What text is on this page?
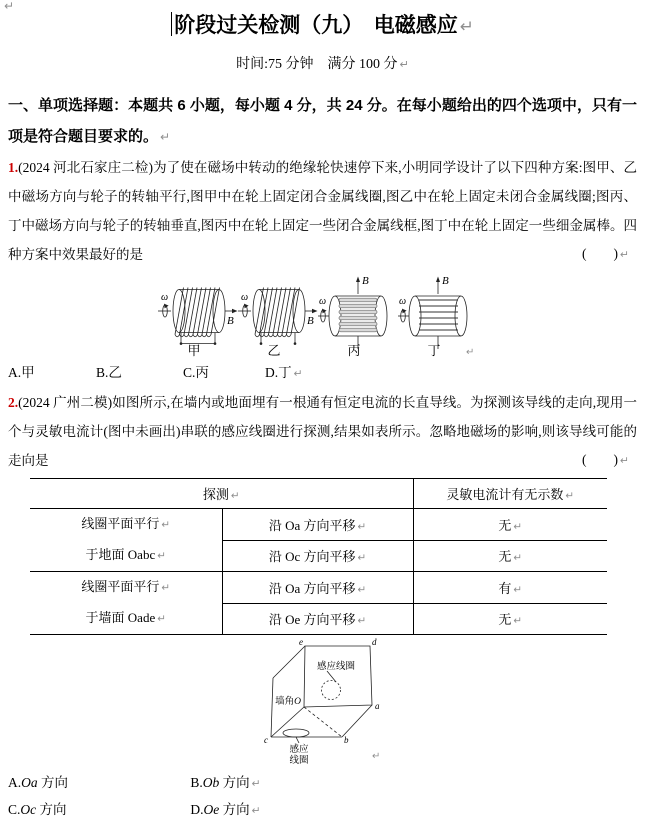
↵
阶段过关检测（九）　电磁感应 ↵
时间:75 分钟　满分 100 分 ↵
一、单项选择题：本题共 6 小题，每小题 4 分，共 24 分。在每小题给出的四个选项中，只有一项是符合题目要求的。 ↵
1.(2024 河北石家庄二检)为了使在磁场中转动的绝缘轮快速停下来,小明同学设计了以下四种方案:图甲、乙中磁场方向与轮子的转轴平行,图甲中在轮上固定闭合金属线圈,图乙中在轮上固定未闭合金属线圈;图丙、丁中磁场方向与轮子的转轴垂直,图丙中在轮上固定一些闭合金属线框,图丁中在轮上固定一些细金属棒。四种方案中效果最好的是	(　　) ↵
ω
B
甲
ω
B
乙
ω
B
丙
ω
B
丁	↵
A.甲	B.乙	C.丙	D.丁 ↵
2.(2024 广州二模)如图所示,在墙内或地面埋有一根通有恒定电流的长直导线。为探测该导线的走向,现用一个与灵敏电流计(图中未画出)串联的感应线圈进行探测,结果如表所示。忽略地磁场的影响,则该导线可能的走向是	(　　) ↵
探测 ↵		灵敏电流计有无示数 ↵

线圈平面平行 ↵
于地面 Oabc ↵	沿 Oa 方向平移 ↵	无 ↵
	沿 Oc 方向平移 ↵	无 ↵

线圈平面平行 ↵
于墙面 Oade ↵	沿 Oa 方向平移 ↵	有 ↵
	沿 Oe 方向平移 ↵	无 ↵
感应线圈
感应
线圈
墙角O
e	d
a
b
c
↵
A.Oa 方向	B.Ob 方向 ↵
C.Oc 方向	D.Oe 方向 ↵
